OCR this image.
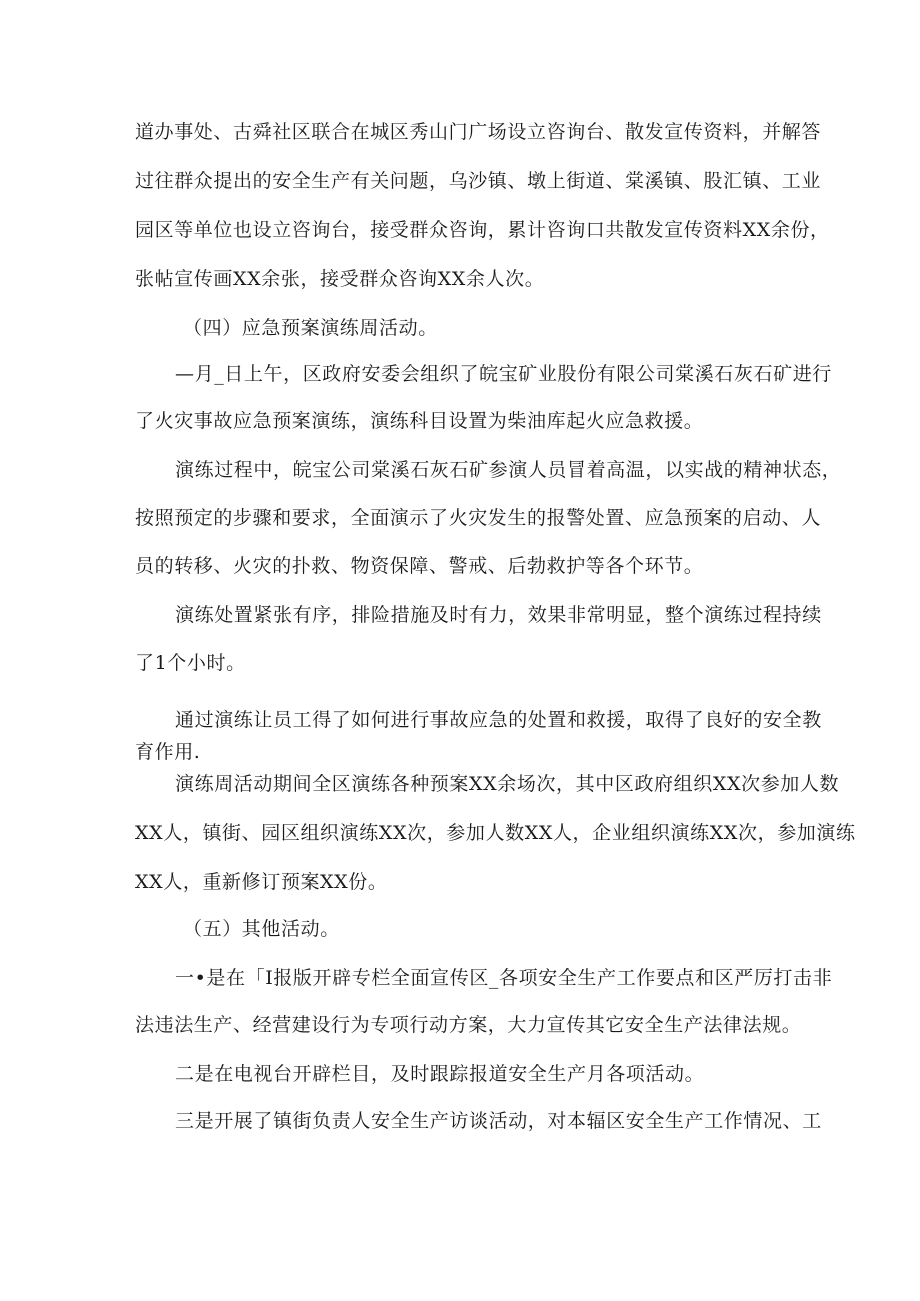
道办事处、古舜社区联合在城区秀山门广场设立咨询台、散发宣传资料，并解答
过往群众提出的安全生产有关问题，乌沙镇、墩上街道、棠溪镇、股汇镇、工业
园区等单位也设立咨询台，接受群众咨询，累计咨询口共散发宣传资料XX余份，
张帖宣传画XX余张，接受群众咨询XX余人次。

（四）应急预案演练周活动。

—月_日上午，区政府安委会组织了皖宝矿业股份有限公司棠溪石灰石矿进行
了火灾事故应急预案演练，演练科目设置为柴油库起火应急救援。

演练过程中，皖宝公司棠溪石灰石矿参演人员冒着高温，以实战的精神状态，
按照预定的步骤和要求，全面演示了火灾发生的报警处置、应急预案的启动、人
员的转移、火灾的扑救、物资保障、警戒、后勃救护等各个环节。

演练处置紧张有序，排险措施及时有力，效果非常明显，整个演练过程持续
了1个小时。

通过演练让员工得了如何进行事故应急的处置和救援，取得了良好的安全教
育作用.

演练周活动期间全区演练各种预案XX余场次，其中区政府组织XX次参加人数
XX人，镇街、园区组织演练XX次，参加人数XX人，企业组织演练XX次，参加演练
XX人，重新修订预案XX份。

（五）其他活动。

一•是在「I报版开辟专栏全面宣传区_各项安全生产工作要点和区严厉打击非
法违法生产、经营建设行为专项行动方案，大力宣传其它安全生产法律法规。

二是在电视台开辟栏目，及时跟踪报道安全生产月各项活动。

三是开展了镇街负责人安全生产访谈活动，对本辐区安全生产工作情况、工
